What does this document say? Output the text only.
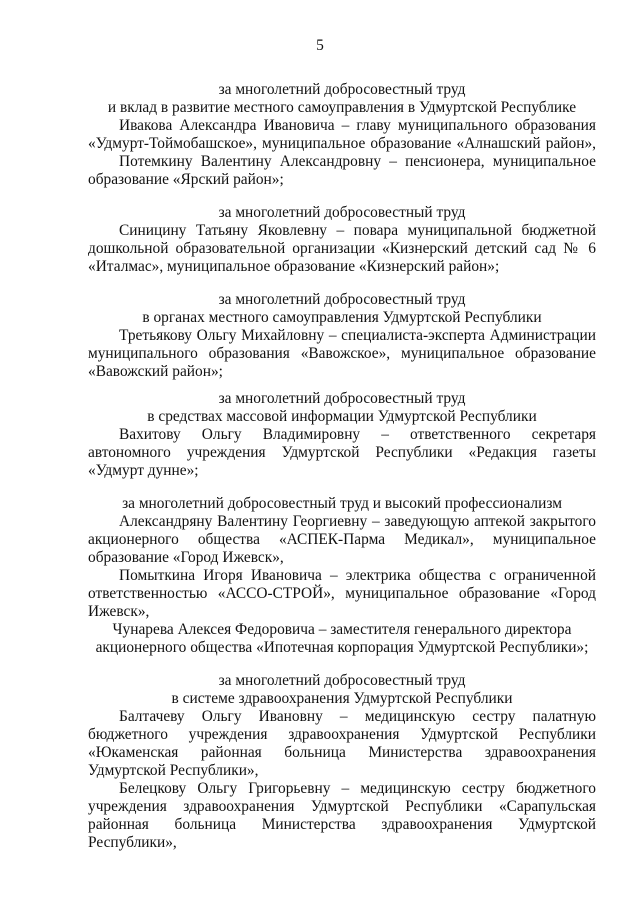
5
за многолетний добросовестный труд
и вклад в развитие местного самоуправления в Удмуртской Республике
Ивакова Александра Ивановича – главу муниципального образования
«Удмурт-Тоймобашское», муниципальное образование «Алнашский район»,
Потемкину Валентину Александровну – пенсионера, муниципальное
образование «Ярский район»;
за многолетний добросовестный труд
Синицину Татьяну Яковлевну – повара муниципальной бюджетной
дошкольной образовательной организации «Кизнерский детский сад № 6
«Италмас», муниципальное образование «Кизнерский район»;
за многолетний добросовестный труд
в органах местного самоуправления Удмуртской Республики
Третьякову Ольгу Михайловну – специалиста-эксперта Администрации
муниципального образования «Вавожское», муниципальное образование
«Вавожский район»;
за многолетний добросовестный труд
в средствах массовой информации Удмуртской Республики
Вахитову Ольгу Владимировну – ответственного секретаря
автономного учреждения Удмуртской Республики «Редакция газеты
«Удмурт дунне»;
за многолетний добросовестный труд и высокий профессионализм
Александряну Валентину Георгиевну – заведующую аптекой закрытого
акционерного общества «АСПЕК-Парма Медикал», муниципальное
образование «Город Ижевск»,
Помыткина Игоря Ивановича – электрика общества с ограниченной
ответственностью «АССО-СТРОЙ», муниципальное образование «Город
Ижевск»,
Чунарева Алексея Федоровича – заместителя генерального директора
акционерного общества «Ипотечная корпорация Удмуртской Республики»;
за многолетний добросовестный труд
в системе здравоохранения Удмуртской Республики
Балтачеву Ольгу Ивановну – медицинскую сестру палатную
бюджетного учреждения здравоохранения Удмуртской Республики
«Юкаменская районная больница Министерства здравоохранения
Удмуртской Республики»,
Белецкову Ольгу Григорьевну – медицинскую сестру бюджетного
учреждения здравоохранения Удмуртской Республики «Сарапульская
районная больница Министерства здравоохранения Удмуртской
Республики»,
